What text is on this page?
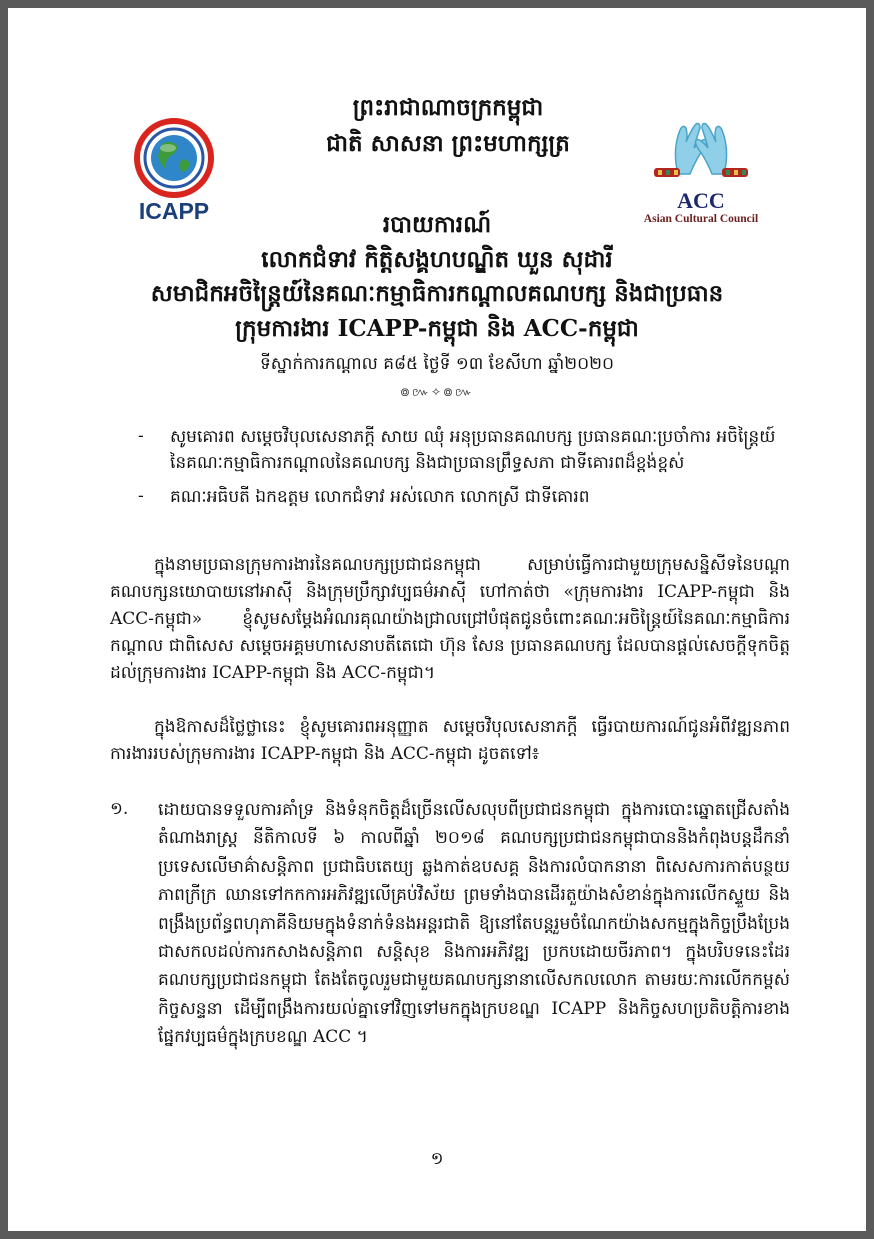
ICAPP	ACC
Asian Cultural Council
ព្រះរាជាណាចក្រកម្ពុជា
ជាតិ សាសនា ព្រះមហាក្សត្រ
របាយការណ៍
លោកជំទាវ កិត្តិសង្គហបណ្ឌិត ឃួន សុដារី
សមាជិកអចិន្ត្រៃយ៍នៃគណៈកម្មាធិការកណ្តាលគណបក្ស និងជាប្រធាន
ក្រុមការងារ ICAPP-កម្ពុជា និង ACC-កម្ពុជា
ទីស្នាក់ការកណ្តាល គ៨៥ ថ្ងៃទី ១៣ ខែសីហា ឆ្នាំ២០២០
៙៚✧៙៚
- សូមគោរព សម្តេចវិបុលសេនាភក្តី សាយ ឈុំ អនុប្រធានគណបក្ស ប្រធានគណៈប្រចាំការ អចិន្ត្រៃយ៍នៃគណៈកម្មាធិការកណ្តាលនៃគណបក្ស និងជាប្រធានព្រឹទ្ធសភា ជាទីគោរពដ៏ខ្ពង់ខ្ពស់
- គណៈអធិបតី ឯកឧត្តម លោកជំទាវ អស់លោក លោកស្រី ជាទីគោរព
ក្នុងនាមប្រធានក្រុមការងារនៃគណបក្សប្រជាជនកម្ពុជា សម្រាប់ធ្វើការជាមួយក្រុមសន្និសីទនៃបណ្តាគណបក្សនយោបាយនៅអាស៊ី និងក្រុមប្រឹក្សាវប្បធម៌អាស៊ី ហៅកាត់ថា «ក្រុមការងារ ICAPP-កម្ពុជា និង ACC-កម្ពុជា» ខ្ញុំសូមសម្តែងអំណរគុណយ៉ាងជ្រាលជ្រៅបំផុតជូនចំពោះគណៈអចិន្ត្រៃយ៍នៃគណៈកម្មាធិការកណ្តាល ជាពិសេស សម្តេចអគ្គមហាសេនាបតីតេជោ ហ៊ុន សែន ប្រធានគណបក្ស ដែលបានផ្តល់សេចក្តីទុកចិត្តដល់ក្រុមការងារ ICAPP-កម្ពុជា និង ACC-កម្ពុជា។
ក្នុងឱកាសដ៏ថ្លៃថ្លានេះ ខ្ញុំសូមគោរពអនុញ្ញាត សម្តេចវិបុលសេនាភក្តី ធ្វើរបាយការណ៍ជូនអំពីវឌ្ឍនភាពការងាររបស់ក្រុមការងារ ICAPP-កម្ពុជា និង ACC-កម្ពុជា ដូចតទៅ៖
១. ដោយបានទទួលការគាំទ្រ និងទំនុកចិត្តដ៏ច្រើនលើសលុបពីប្រជាជនកម្ពុជា ក្នុងការបោះឆ្នោតជ្រើសតាំងតំណាងរាស្ត្រ នីតិកាលទី ៦ កាលពីឆ្នាំ ២០១៨ គណបក្សប្រជាជនកម្ពុជាបាននិងកំពុងបន្តដឹកនាំប្រទេសលើមាគ៌ាសន្តិភាព ប្រជាធិបតេយ្យ ឆ្លងកាត់ឧបសគ្គ និងការលំបាកនានា ពិសេសការកាត់បន្ថយភាពក្រីក្រ ឈានទៅកកការអភិវឌ្ឍលើគ្រប់វិស័យ ព្រមទាំងបានដើរតួយ៉ាងសំខាន់ក្នុងការលើកស្ទួយ និងពង្រឹងប្រព័ន្ធពហុភាគីនិយមក្នុងទំនាក់ទំនងអន្តរជាតិ ឱ្យនៅតែបន្តរួមចំណែកយ៉ាងសកម្មក្នុងកិច្ចប្រឹងប្រែងជាសកលដល់ការកសាងសន្តិភាព សន្តិសុខ និងការអភិវឌ្ឍ ប្រកបដោយចីរភាព។ ក្នុងបរិបទនេះដែរ គណបក្សប្រជាជនកម្ពុជា តែងតែចូលរួមជាមួយគណបក្សនានាលើសកលលោក តាមរយៈការលើកកម្ពស់កិច្ចសន្ទនា ដើម្បីពង្រឹងការយល់គ្នាទៅវិញទៅមកក្នុងក្របខណ្ឌ ICAPP និងកិច្ចសហប្រតិបត្តិការខាងផ្នែកវប្បធម៌ក្នុងក្របខណ្ឌ ACC ។
១
